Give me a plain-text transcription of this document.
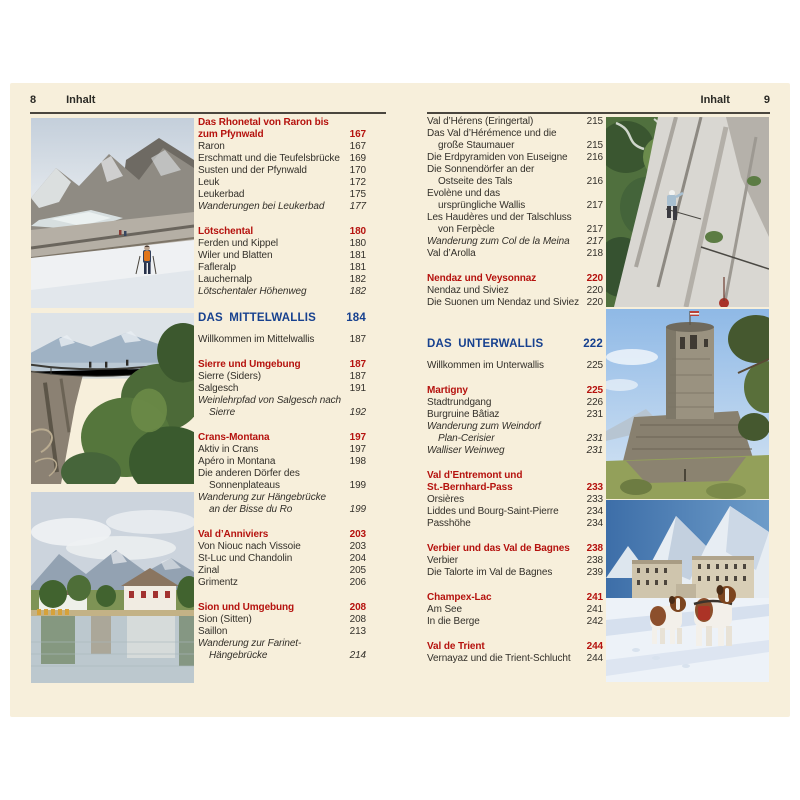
8	Inhalt	Inhalt	9
Das Rhonetal von Raron bis
zum Pfynwald	167
Raron	167
Erschmatt und die Teufelsbrücke 169
Susten und der Pfynwald	170
Leuk	172
Leukerbad	175
Wanderungen bei Leukerbad	177
Lötschental	180
Ferden und Kippel	180
Wiler und Blatten	181
Fafleralp	181
Lauchernalp	182
Lötschentaler Höhenweg	182
DAS MITTELWALLIS	184
Willkommen im Mittelwallis	187
Sierre und Umgebung	187
Sierre (Siders)	187
Salgesch	191
Weinlehrpfad von Salgesch nach
Sierre	192
Crans-Montana	197
Aktiv in Crans	197
Apéro in Montana	198
Die anderen Dörfer des
Sonnenplateaus	199
Wanderung zur Hängebrücke
an der Bisse du Ro	199
Val d’Anniviers	203
Von Niouc nach Vissoie	203
St-Luc und Chandolin	204
Zinal	205
Grimentz	206
Sion und Umgebung	208
Sion (Sitten)	208
Saillon	213
Wanderung zur Farinet-
Hängebrücke	214
Val d’Hérens (Eringertal)	215
Das Val d’Hérémence und die
große Staumauer	215
Die Erdpyramiden von Euseigne	216
Die Sonnendörfer an der
Ostseite des Tals	216
Evolène und das
ursprüngliche Wallis	217
Les Haudères und der Talschluss
von Ferpècle	217
Wanderung zum Col de la Meina	217
Val d’Arolla	218
Nendaz und Veysonnaz	220
Nendaz und Siviez	220
Die Suonen um Nendaz und Siviez 220
DAS UNTERWALLIS	222
Willkommen im Unterwallis	225
Martigny	225
Stadtrundgang	226
Burgruine Bâtiaz	231
Wanderung zum Weindorf
Plan-Cerisier	231
Walliser Weinweg	231
Val d’Entremont und
St.-Bernhard-Pass	233
Orsières	233
Liddes und Bourg-Saint-Pierre	234
Passhöhe	234
Verbier und das Val de Bagnes	238
Verbier	238
Die Talorte im Val de Bagnes	239
Champex-Lac	241
Am See	241
In die Berge	242
Val de Trient	244
Vernayaz und die Trient-Schlucht	244
